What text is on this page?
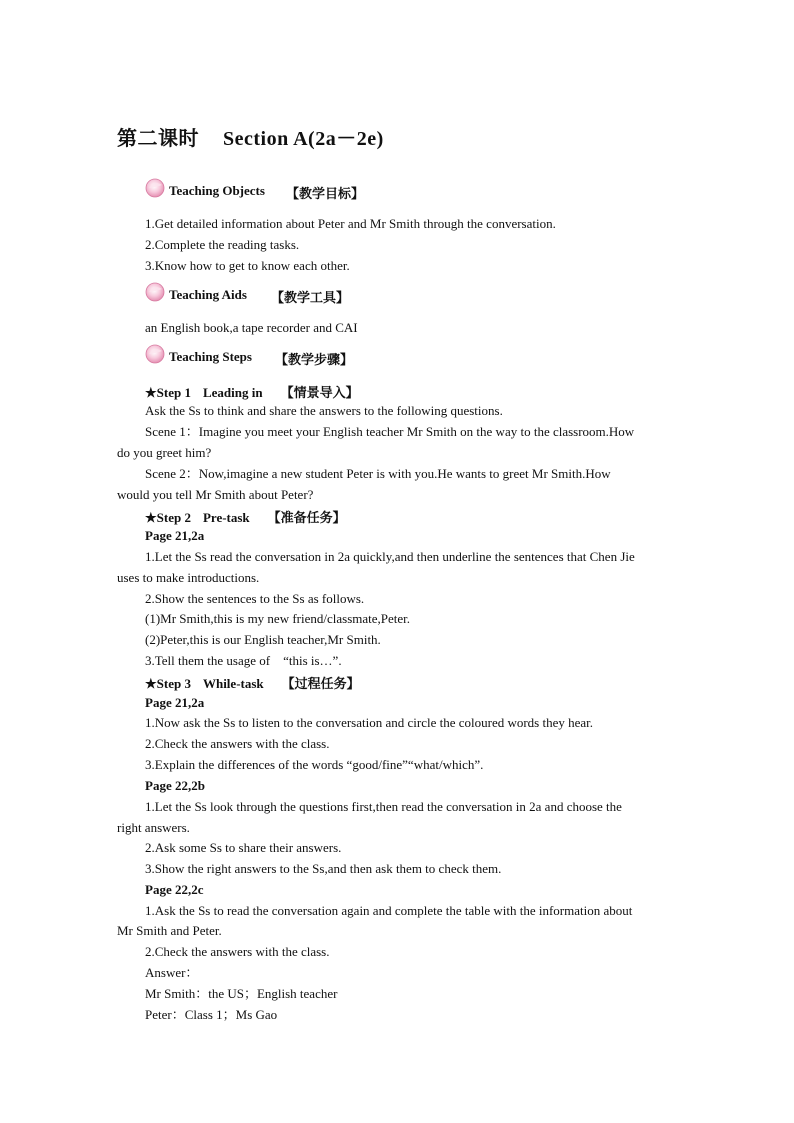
第二课时 Section A(2a－2e)
Teaching Objects 【教学目标】
1.Get detailed information about Peter and Mr Smith through the conversation.
2.Complete the reading tasks.
3.Know how to get to know each other.
Teaching Aids 【教学工具】
an English book,a tape recorder and CAI
Teaching Steps 【教学步骤】
★Step 1 Leading in 【情景导入】
Ask the Ss to think and share the answers to the following questions.
Scene 1：Imagine you meet your English teacher Mr Smith on the way to the classroom.How
do you greet him?
Scene 2：Now,imagine a new student Peter is with you.He wants to greet Mr Smith.How
would you tell Mr Smith about Peter?
★Step 2 Pre-task 【准备任务】
Page 21,2a
1.Let the Ss read the conversation in 2a quickly,and then underline the sentences that Chen Jie
uses to make introductions.
2.Show the sentences to the Ss as follows.
(1)Mr Smith,this is my new friend/classmate,Peter.
(2)Peter,this is our English teacher,Mr Smith.
3.Tell them the usage of　“this is…”.
★Step 3 While-task 【过程任务】
Page 21,2a
1.Now ask the Ss to listen to the conversation and circle the coloured words they hear.
2.Check the answers with the class.
3.Explain the differences of the words “good/fine”“what/which”.
Page 22,2b
1.Let the Ss look through the questions first,then read the conversation in 2a and choose the
right answers.
2.Ask some Ss to share their answers.
3.Show the right answers to the Ss,and then ask them to check them.
Page 22,2c
1.Ask the Ss to read the conversation again and complete the table with the information about
Mr Smith and Peter.
2.Check the answers with the class.
Answer：
Mr Smith：the US；English teacher
Peter：Class 1；Ms Gao
